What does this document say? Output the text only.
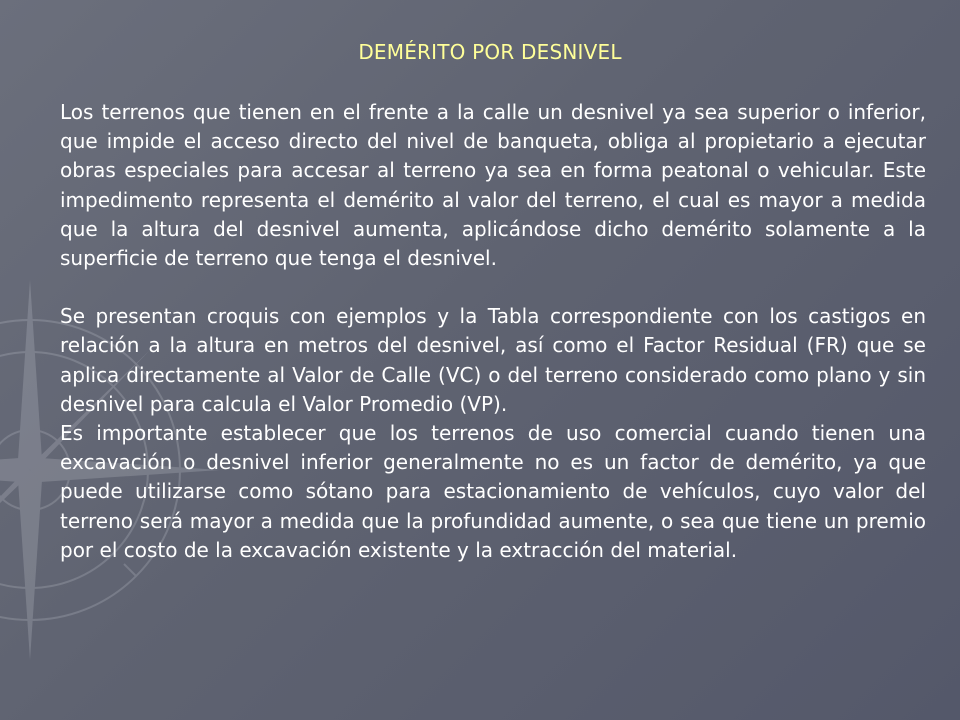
DEMÉRITO POR DESNIVEL

Los terrenos que tienen en el frente a la calle un desnivel ya sea superior o inferior, que impide el acceso directo del nivel de banqueta, obliga al propietario a ejecutar obras especiales para accesar al terreno ya sea en forma peatonal o vehicular. Este impedimento representa el demérito al valor del terreno, el cual es mayor a medida que la altura del desnivel aumenta, aplicándose dicho demérito solamente a la superficie de terreno que tenga el desnivel.

Se presentan croquis con ejemplos y la Tabla correspondiente con los castigos en relación a la altura en metros del desnivel, así como el Factor Residual (FR) que se aplica directamente al Valor de Calle (VC) o del terreno considerado como plano y sin desnivel para calcula el Valor Promedio (VP).

Es importante establecer que los terrenos de uso comercial cuando tienen una excavación o desnivel inferior generalmente no es un factor de demérito, ya que puede utilizarse como sótano para estacionamiento de vehículos, cuyo valor del terreno será mayor a medida que la profundidad aumente, o sea que tiene un premio por el costo de la excavación existente y la extracción del material.
